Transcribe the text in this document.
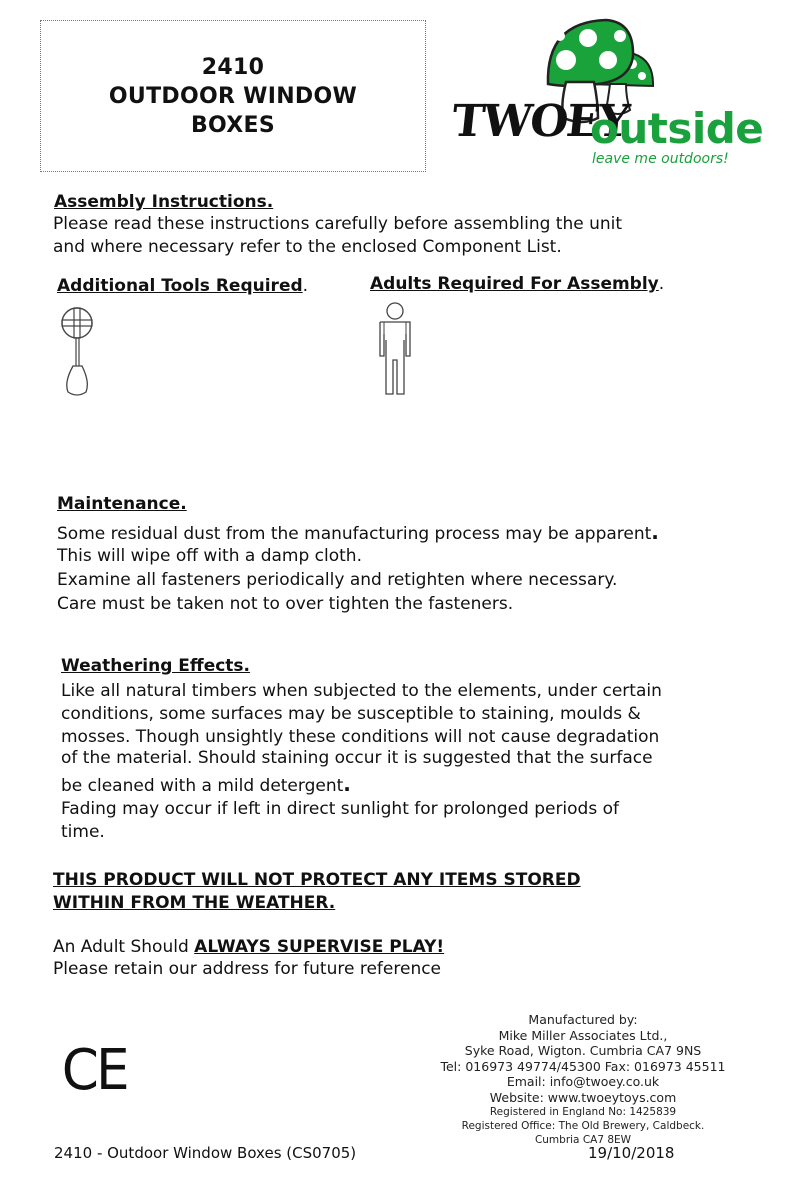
2410
OUTDOOR WINDOW
BOXES	TWOEY
outside
leave me outdoors!
Assembly Instructions.
Please read these instructions carefully before assembling the unit
and where necessary refer to the enclosed Component List.
Additional Tools Required.	Adults Required For Assembly.
Maintenance.
Some residual dust from the manufacturing process may be apparent.
This will wipe off with a damp cloth.
Examine all fasteners periodically and retighten where necessary.
Care must be taken not to over tighten the fasteners.
Weathering Effects.
Like all natural timbers when subjected to the elements, under certain
conditions, some surfaces may be susceptible to staining, moulds &
mosses. Though unsightly these conditions will not cause degradation
of the material. Should staining occur it is suggested that the surface
be cleaned with a mild detergent.
Fading may occur if left in direct sunlight for prolonged periods of
time.
THIS PRODUCT WILL NOT PROTECT ANY ITEMS STORED
WITHIN FROM THE WEATHER.
An Adult Should ALWAYS SUPERVISE PLAY!
Please retain our address for future reference
CE
Manufactured by:
Mike Miller Associates Ltd.,
Syke Road, Wigton. Cumbria CA7 9NS
Tel: 016973 49774/45300 Fax: 016973 45511
Email: info@twoey.co.uk
Website: www.twoeytoys.com
Registered in England No: 1425839
Registered Office: The Old Brewery, Caldbeck.
Cumbria CA7 8EW
2410 - Outdoor Window Boxes (CS0705)	19/10/2018
